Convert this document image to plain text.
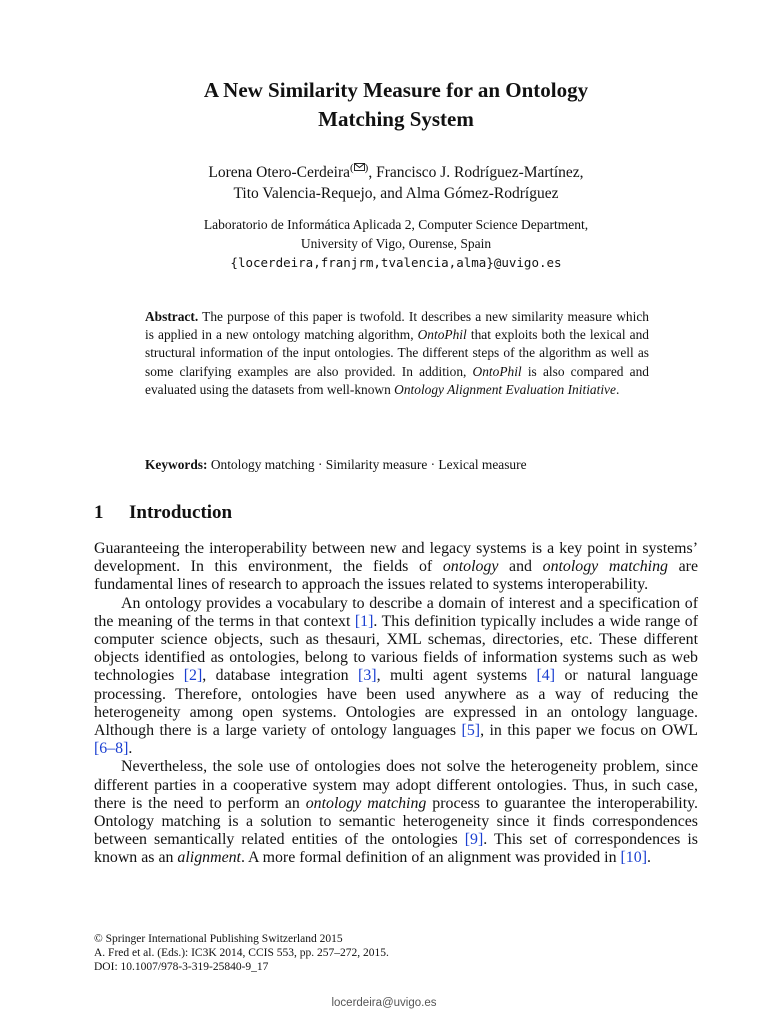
A New Similarity Measure for an Ontology
Matching System
Lorena Otero-Cerdeira( ), Francisco J. Rodríguez-Martínez,
Tito Valencia-Requejo, and Alma Gómez-Rodríguez
Laboratorio de Informática Aplicada 2, Computer Science Department,
University of Vigo, Ourense, Spain
{locerdeira,franjrm,tvalencia,alma}@uvigo.es
Abstract. The purpose of this paper is twofold. It describes a new similarity measure which is applied in a new ontology matching algorithm, OntoPhil that exploits both the lexical and structural information of the input ontologies. The different steps of the algorithm as well as some clarifying examples are also provided. In addition, OntoPhil is also compared and evaluated using the datasets from well-known Ontology Alignment Evaluation Initiative.
Keywords: Ontology matching · Similarity measure · Lexical measure
1 Introduction

Guaranteeing the interoperability between new and legacy systems is a key point in systems’ development. In this environment, the fields of ontology and ontology matching are fundamental lines of research to approach the issues related to systems interoperability.

An ontology provides a vocabulary to describe a domain of interest and a specification of the meaning of the terms in that context [1]. This definition typically includes a wide range of computer science objects, such as thesauri, XML schemas, directories, etc. These different objects identified as ontologies, belong to various fields of information systems such as web technologies [2], database integration [3], multi agent systems [4] or natural language processing. Therefore, ontologies have been used anywhere as a way of reducing the heterogeneity among open systems. Ontologies are expressed in an ontology language. Although there is a large variety of ontology languages [5], in this paper we focus on OWL [6–8].

Nevertheless, the sole use of ontologies does not solve the heterogeneity problem, since different parties in a cooperative system may adopt different ontologies. Thus, in such case, there is the need to perform an ontology matching process to guarantee the interoperability. Ontology matching is a solution to semantic heterogeneity since it finds correspondences between semantically related entities of the ontologies [9]. This set of correspondences is known as an alignment. A more formal definition of an alignment was provided in [10].

© Springer International Publishing Switzerland 2015
A. Fred et al. (Eds.): IC3K 2014, CCIS 553, pp. 257–272, 2015.
DOI: 10.1007/978-3-319-25840-9_17
locerdeira@uvigo.es
